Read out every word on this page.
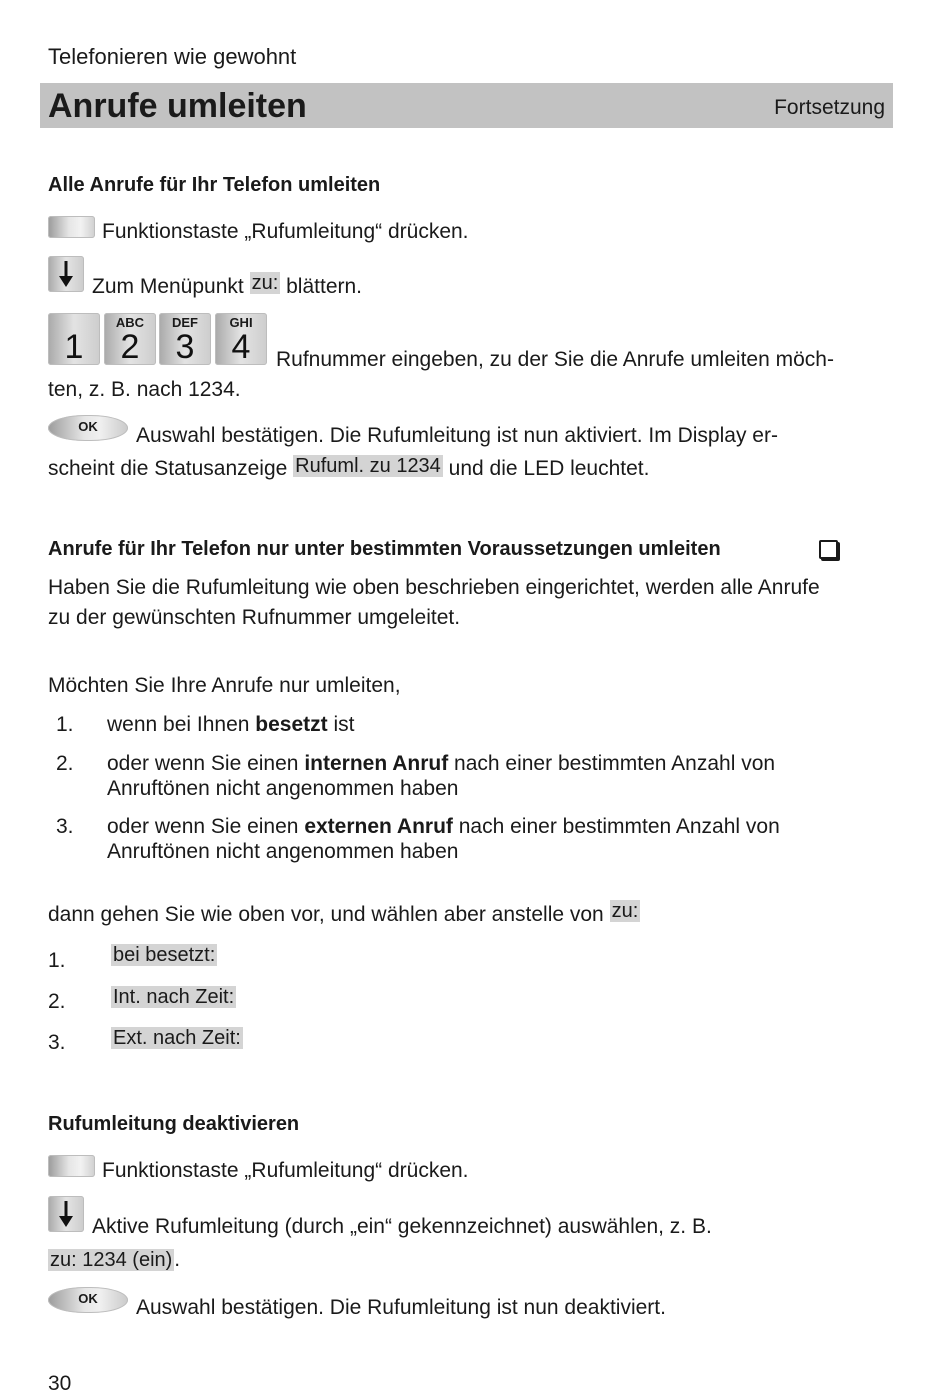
Telefonieren wie gewohnt
Anrufe umleiten	Fortsetzung
Alle Anrufe für Ihr Telefon umleiten
Funktionstaste „Rufumleitung“ drücken.
Zum Menüpunkt zu: blättern.
1
ABC
2
DEF
3
GHI
4	Rufnummer eingeben, zu der Sie die Anrufe umleiten möch-
ten, z. B. nach 1234.
OK	Auswahl bestätigen. Die Rufumleitung ist nun aktiviert. Im Display er-
scheint die Statusanzeige Rufuml. zu 1234 und die LED leuchtet.
Anrufe für Ihr Telefon nur unter bestimmten Voraussetzungen umleiten
Haben Sie die Rufumleitung wie oben beschrieben eingerichtet, werden alle Anrufe
zu der gewünschten Rufnummer umgeleitet.
Möchten Sie Ihre Anrufe nur umleiten,
1. wenn bei Ihnen besetzt ist
2. oder wenn Sie einen internen Anruf nach einer bestimmten Anzahl von
Anruftönen nicht angenommen haben
3. oder wenn Sie einen externen Anruf nach einer bestimmten Anzahl von
Anruftönen nicht angenommen haben
dann gehen Sie wie oben vor, und wählen aber anstelle von zu:
1. bei besetzt:
2. Int. nach Zeit:
3. Ext. nach Zeit:
Rufumleitung deaktivieren
Funktionstaste „Rufumleitung“ drücken.
Aktive Rufumleitung (durch „ein“ gekennzeichnet) auswählen, z. B.
zu: 1234 (ein).
OK	Auswahl bestätigen. Die Rufumleitung ist nun deaktiviert.
30
